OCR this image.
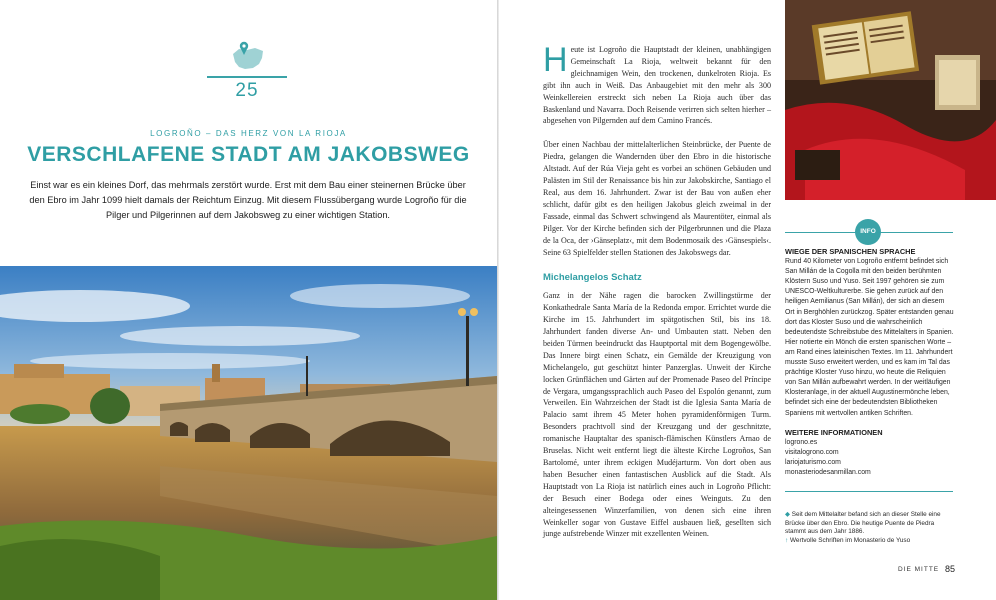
25
LOGROÑO – DAS HERZ VON LA RIOJA
VERSCHLAFENE STADT AM JAKOBSWEG
Einst war es ein kleines Dorf, das mehrmals zerstört wurde. Erst mit dem Bau einer steinernen Brücke über den Ebro im Jahr 1099 hielt damals der Reichtum Einzug. Mit diesem Flussübergang wurde Logroño für die Pilger und Pilgerinnen auf dem Jakobsweg zu einer wichtigen Station.

Heute ist Logroño die Hauptstadt der kleinen, unabhängigen Gemeinschaft La Rioja, weltweit bekannt für den gleichnamigen Wein, den trockenen, dunkelroten Rioja. Es gibt ihn auch in Weiß. Das Anbaugebiet mit den mehr als 300 Weinkellereien erstreckt sich neben La Rioja auch über das Baskenland und Navarra. Doch Reisende verirren sich selten hierher – abgesehen von Pilgernden auf dem Camino Francés.

Über einen Nachbau der mittelalterlichen Steinbrücke, der Puente de Piedra, gelangen die Wandernden über den Ebro in die historische Altstadt. Auf der Rúa Vieja geht es vorbei an schönen Gebäuden und Palästen im Stil der Renaissance bis hin zur Jakobskirche, Santiago el Real, aus dem 16. Jahrhundert. Zwar ist der Bau von außen eher schlicht, dafür gibt es den heiligen Jakobus gleich zweimal in der Fassade, einmal das Schwert schwingend als Maurentöter, einmal als Pilger. Vor der Kirche befinden sich der Pilgerbrunnen und die Plaza de la Oca, der ›Gänseplatz‹, mit dem Bodenmosaik des ›Gänsespiels‹. Seine 63 Spielfelder stellen Stationen des Jakobswegs dar.

Michelangelos Schatz

Ganz in der Nähe ragen die barocken Zwillingstürme der Konkathedrale Santa María de la Redonda empor. Errichtet wurde die Kirche im 15. Jahrhundert im spätgotischen Stil, bis ins 18. Jahrhundert fanden diverse An- und Umbauten statt. Neben den beiden Türmen beeindruckt das Hauptportal mit dem Bogengewölbe. Das Innere birgt einen Schatz, ein Gemälde der Kreuzigung von Michelangelo, gut geschützt hinter Panzerglas. Unweit der Kirche locken Grünflächen und Gärten auf der Promenade Paseo del Príncipe de Vergara, umgangssprachlich auch Paseo del Espolón genannt, zum Verweilen. Ein Wahrzeichen der Stadt ist die Iglesia Santa María de Palacio samt ihrem 45 Meter hohen pyramidenförmigen Turm. Besonders prachtvoll sind der Kreuzgang und der geschnitzte, romanische Hauptaltar des spanisch-flämischen Künstlers Arnao de Bruselas. Nicht weit entfernt liegt die älteste Kirche Logroños, San Bartolomé, unter ihrem eckigen Mudéjarturm. Von dort oben aus haben Besucher einen fantastischen Ausblick auf die Stadt. Als Hauptstadt von La Rioja ist natürlich eines auch in Logroño Pflicht: der Besuch einer Bodega oder eines Weinguts. Zu den alteingesessenen Winzerfamilien, von denen sich eine ihren Weinkeller sogar von Gustave Eiffel ausbauen ließ, gesellten sich junge aufstrebende Winzer mit exzellenten Weinen.

INFO
WIEGE DER SPANISCHEN SPRACHE

Rund 40 Kilometer von Logroño entfernt befindet sich San Millán de la Cogolla mit den beiden berühmten Klöstern Suso und Yuso. Seit 1997 gehören sie zum UNESCO-Weltkulturerbe. Sie gehen zurück auf den heiligen Aemilianus (San Millán), der sich an diesem Ort in Berghöhlen zurückzog. Später entstanden genau dort das Kloster Suso und die wahrscheinlich bedeutendste Schreibstube des Mittelalters in Spanien. Hier notierte ein Mönch die ersten spanischen Worte – am Rand eines lateinischen Textes. Im 11. Jahrhundert musste Suso erweitert werden, und es kam im Tal das prächtige Kloster Yuso hinzu, wo heute die Reliquien von San Millán aufbewahrt werden. In der weitläufigen Klosteranlage, in der aktuell Augustinermönche leben, befindet sich eine der bedeutendsten Bibliotheken Spaniens mit wertvollen antiken Schriften.

WEITERE INFORMATIONEN
logrono.es
visitalogrono.com
lariojaturismo.com
monasteriodesanmillan.com
◆ Seit dem Mittelalter befand sich an dieser Stelle eine Brücke über den Ebro. Die heutige Puente de Piedra stammt aus dem Jahr 1886.
↑ Wertvolle Schriften im Monasterio de Yuso
DIE MITTE 85
